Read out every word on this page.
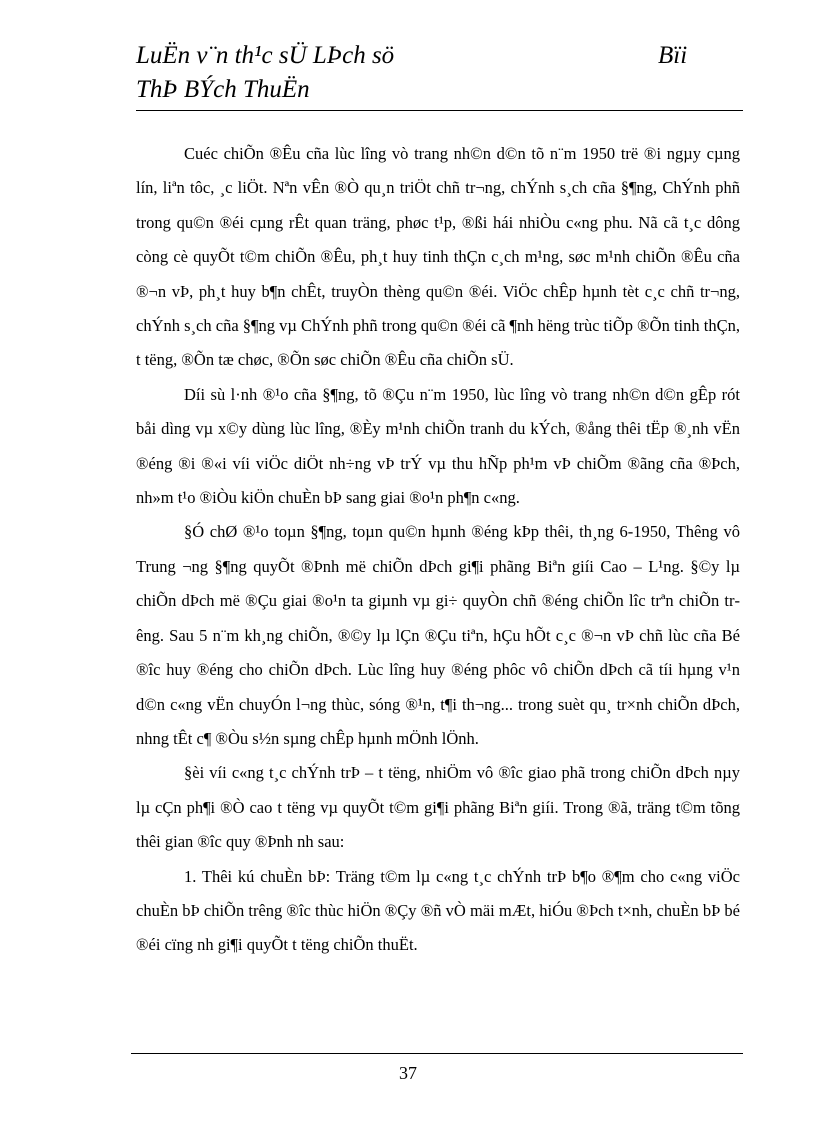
LuËn v¨n th¹c sÜ LÞch sö	Bïi
ThÞ BÝch ThuËn

Cuéc chiÕn ®Êu cña lùc lîng vò trang nh©n d©n tõ n¨m 1950 trë ®i ngµy cµng lín, liªn tôc, ¸c liÖt. Nªn vÊn ®Ò qu¸n triÖt chñ tr¬ng, chÝnh s¸ch cña §¶ng, ChÝnh phñ trong qu©n ®éi cµng rÊt quan träng, phøc t¹p, ®ßi hái nhiÒu c«ng phu. Nã cã t¸c dông còng cè quyÕt t©m chiÕn ®Êu, ph¸t huy tinh thÇn c¸ch m¹ng, søc m¹nh chiÕn ®Êu cña ®¬n vÞ, ph¸t huy b¶n chÊt, truyÒn thèng qu©n ®éi. ViÖc chÊp hµnh tèt c¸c chñ tr¬ng, chÝnh s¸ch cña §¶ng vµ ChÝnh phñ trong qu©n ®éi cã ¶nh hëng trùc tiÕp ®Õn tinh thÇn, t tëng, ®Õn tæ chøc, ®Õn søc chiÕn ®Êu cña chiÕn sÜ.

Díi sù l·nh ®¹o cña §¶ng, tõ ®Çu n¨m 1950, lùc lîng vò trang nh©n d©n gÊp rót båi dìng vµ x©y dùng lùc lîng, ®Èy m¹nh chiÕn tranh du kÝch, ®ång thêi tËp ®¸nh vËn ®éng ®i ®«i víi viÖc diÖt nh÷ng vÞ trÝ vµ thu hÑp ph¹m vÞ chiÕm ®ãng cña ®Þch, nh»m t¹o ®iÒu kiÖn chuÈn bÞ sang giai ®o¹n ph¶n c«ng.

§Ó chØ ®¹o toµn §¶ng, toµn qu©n hµnh ®éng kÞp thêi, th¸ng 6-1950, Thêng vô Trung ¬ng §¶ng quyÕt ®Þnh më chiÕn dÞch gi¶i phãng Biªn giíi Cao – L¹ng. §©y lµ chiÕn dÞch më ®Çu giai ®o¹n ta giµnh vµ gi÷ quyÒn chñ ®éng chiÕn lîc trªn chiÕn trêng. Sau 5 n¨m kh¸ng chiÕn, ®©y lµ lÇn ®Çu tiªn, hÇu hÕt c¸c ®¬n vÞ chñ lùc cña Bé ®îc huy ®éng cho chiÕn dÞch. Lùc lîng huy ®éng phôc vô chiÕn dÞch cã tíi hµng v¹n d©n c«ng vËn chuyÓn l¬ng thùc, sóng ®¹n, t¶i th¬ng... trong suèt qu¸ tr×nh chiÕn dÞch, nhng tÊt c¶ ®Òu s½n sµng chÊp hµnh mÖnh lÖnh.

§èi víi c«ng t¸c chÝnh trÞ – t tëng, nhiÖm vô ®îc giao phã trong chiÕn dÞch nµy lµ cÇn ph¶i ®Ò cao t tëng vµ quyÕt t©m gi¶i phãng Biªn giíi. Trong ®ã, träng t©m tõng thêi gian ®îc quy ®Þnh nh sau:

1. Thêi kú chuÈn bÞ: Träng t©m lµ c«ng t¸c chÝnh trÞ b¶o ®¶m cho c«ng viÖc chuÈn bÞ chiÕn trêng ®îc thùc hiÖn ®Çy ®ñ vÒ mäi mÆt, hiÓu ®Þch t×nh, chuÈn bÞ bé ®éi cïng nh gi¶i quyÕt t tëng chiÕn thuËt.

37
